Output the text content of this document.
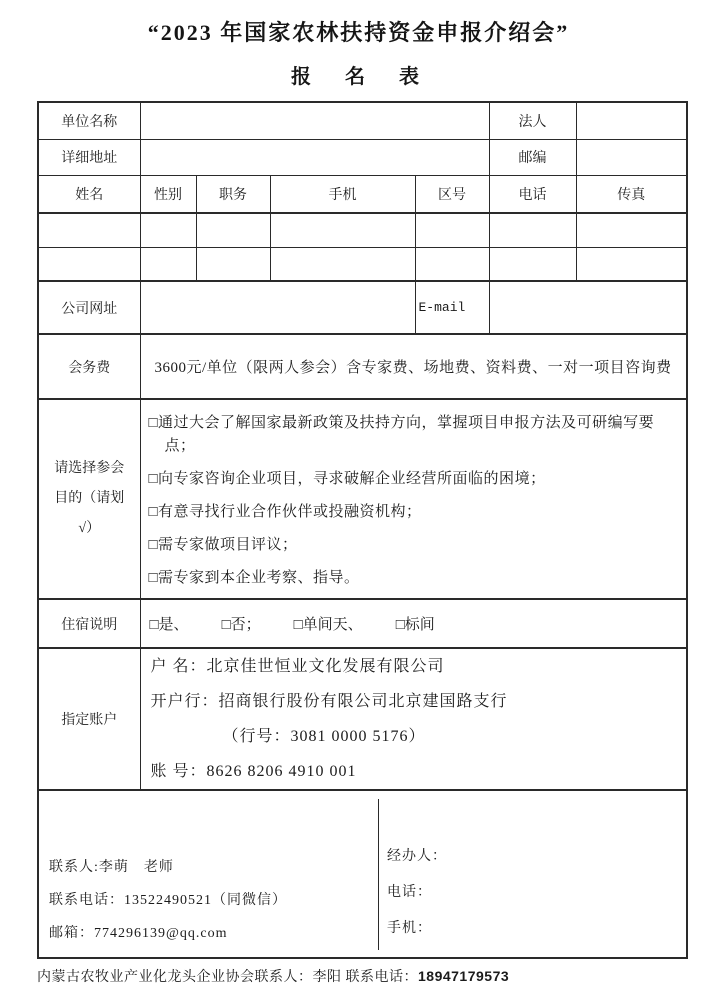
“2023 年国家农林扶持资金申报介绍会”
报　名　表
单位名称					法人	
详细地址					邮编	
姓名	性别	职务	手机	区号	电话	传真

公司网址				E-mail		
会务费	3600元/单位（限两人参会）含专家费、场地费、资料费、一对一项目咨询费					

请选择参会
目的（请划
√）

□通过大会了解国家最新政策及扶持方向，掌握项目申报方法及可研编写要点；
□向专家咨询企业项目，寻求破解企业经营所面临的困境；
□有意寻找行业合作伙伴或投融资机构；
□需专家做项目评议；
□需专家到本企业考察、指导。

住宿说明	□是、 □否； □单间天、 □标间					

指定账户	户 名：北京佳世恒业文化发展有限公司
开户行：招商银行股份有限公司北京建国路支行
（行号：3081 0000 5176）
账 号：8626 8206 4910 001					

联系人:李萌　老师
联系电话：13522490521（同微信）
邮箱：774296139@qq.com
经办人：
电话：
手机：
内蒙古农牧业产业化龙头企业协会联系人：李阳 联系电话：18947179573
